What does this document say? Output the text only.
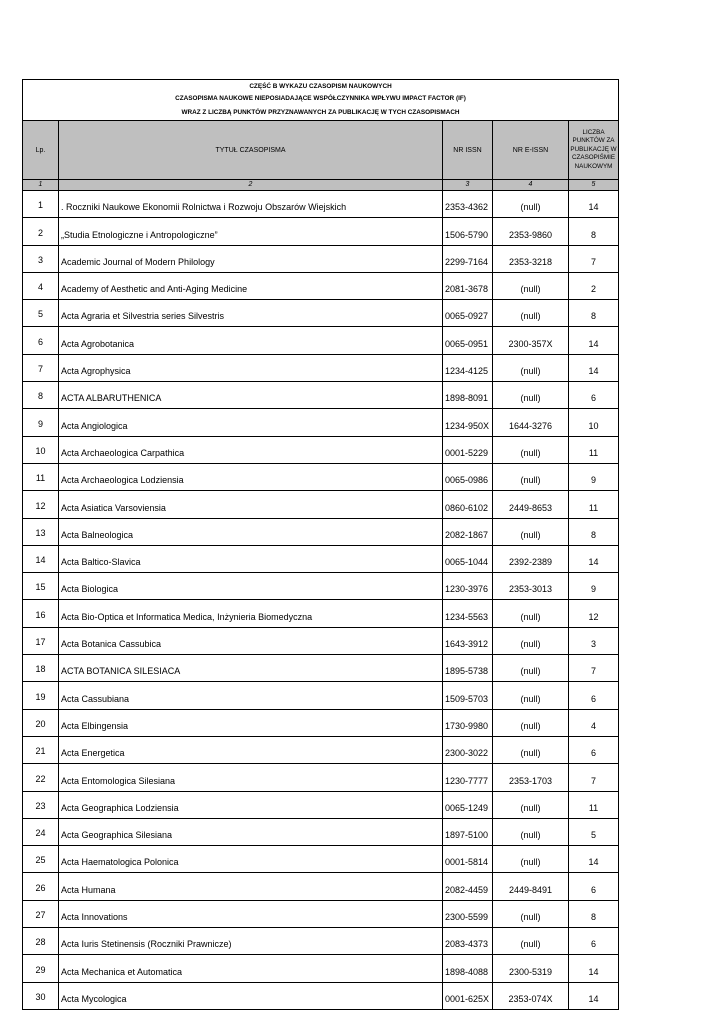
CZĘŚĆ B WYKAZU CZASOPISM NAUKOWYCH				
CZASOPISMA NAUKOWE NIEPOSIADAJĄCE WSPÓŁCZYNNIKA WPŁYWU IMPACT FACTOR (IF)				
WRAZ Z LICZBĄ PUNKTÓW PRZYZNAWANYCH ZA PUBLIKACJĘ W TYCH CZASOPISMACH				
Lp.	TYTUŁ CZASOPISMA	NR ISSN	NR E-ISSN	LICZBA PUNKTÓW ZA PUBLIKACJĘ W CZASOPIŚMIE NAUKOWYM
1	2	3	4	5
1	. Roczniki Naukowe Ekonomii Rolnictwa i Rozwoju Obszarów Wiejskich	2353-4362	(null)	14
2	„Studia Etnologiczne i Antropologiczne”	1506-5790	2353-9860	8
3	Academic Journal of Modern Philology	2299-7164	2353-3218	7
4	Academy of Aesthetic and Anti-Aging Medicine	2081-3678	(null)	2
5	Acta Agraria et Silvestria series Silvestris	0065-0927	(null)	8
6	Acta Agrobotanica	0065-0951	2300-357X	14
7	Acta Agrophysica	1234-4125	(null)	14
8	ACTA ALBARUTHENICA	1898-8091	(null)	6
9	Acta Angiologica	1234-950X	1644-3276	10
10	Acta Archaeologica Carpathica	0001-5229	(null)	11
11	Acta Archaeologica Lodziensia	0065-0986	(null)	9
12	Acta Asiatica Varsoviensia	0860-6102	2449-8653	11
13	Acta Balneologica	2082-1867	(null)	8
14	Acta Baltico-Slavica	0065-1044	2392-2389	14
15	Acta Biologica	1230-3976	2353-3013	9
16	Acta Bio-Optica et Informatica Medica, Inżynieria Biomedyczna	1234-5563	(null)	12
17	Acta Botanica Cassubica	1643-3912	(null)	3
18	ACTA BOTANICA SILESIACA	1895-5738	(null)	7
19	Acta Cassubiana	1509-5703	(null)	6
20	Acta Elbingensia	1730-9980	(null)	4
21	Acta Energetica	2300-3022	(null)	6
22	Acta Entomologica Silesiana	1230-7777	2353-1703	7
23	Acta Geographica Lodziensia	0065-1249	(null)	11
24	Acta Geographica Silesiana	1897-5100	(null)	5
25	Acta Haematologica Polonica	0001-5814	(null)	14
26	Acta Humana	2082-4459	2449-8491	6
27	Acta Innovations	2300-5599	(null)	8
28	Acta Iuris Stetinensis (Roczniki Prawnicze)	2083-4373	(null)	6
29	Acta Mechanica et Automatica	1898-4088	2300-5319	14
30	Acta Mycologica	0001-625X	2353-074X	14
